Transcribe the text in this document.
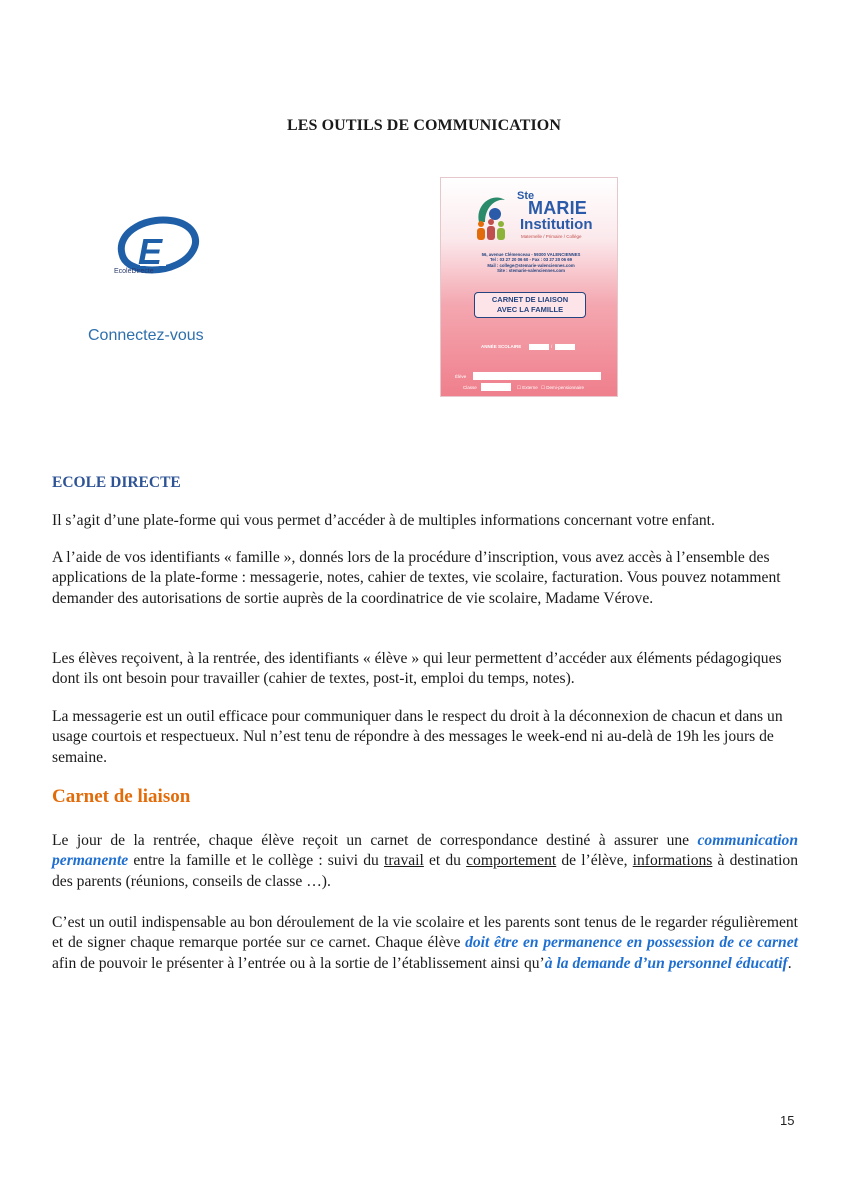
LES OUTILS DE COMMUNICATION
E
EcoleDirecte
Connectez-vous
Ste
MARIE
Institution
Maternelle / Primaire / Collège
56, avenue Clémenceau - 59300 VALENCIENNES
Tel : 03 27 20 06 60 - Fax : 03 27 20 06 69
Mail : college@stemarie-valenciennes.com
Site : stemarie-valenciennes.com
CARNET DE LIAISON
AVEC LA FAMILLE
ANNÉE SCOLAIRE	/
Élève
Classe	☐ Externe ☐ Demi-pensionnaire
ECOLE DIRECTE
Il s’agit d’une plate-forme qui vous permet d’accéder à de multiples informations concernant votre enfant.
A l’aide de vos identifiants « famille », donnés lors de la procédure d’inscription, vous avez accès à l’ensemble des applications de la plate-forme : messagerie, notes, cahier de textes, vie scolaire, facturation. Vous pouvez notamment demander des autorisations de sortie auprès de la coordinatrice de vie scolaire, Madame Vérove.
Les élèves reçoivent, à la rentrée, des identifiants « élève » qui leur permettent d’accéder aux éléments pédagogiques dont ils ont besoin pour travailler (cahier de textes, post-it, emploi du temps, notes).
La messagerie est un outil efficace pour communiquer dans le respect du droit à la déconnexion de chacun et dans un usage courtois et respectueux. Nul n’est tenu de répondre à des messages le week-end ni au-delà de 19h les jours de semaine.
Carnet de liaison
Le jour de la rentrée, chaque élève reçoit un carnet de correspondance destiné à assurer une communication permanente entre la famille et le collège : suivi du travail et du comportement de l’élève, informations à destination des parents (réunions, conseils de classe …).
C’est un outil indispensable au bon déroulement de la vie scolaire et les parents sont tenus de le regarder régulièrement et de signer chaque remarque portée sur ce carnet. Chaque élève doit être en permanence en possession de ce carnet afin de pouvoir le présenter à l’entrée ou à la sortie de l’établissement ainsi qu’à la demande d’un personnel éducatif.
15
